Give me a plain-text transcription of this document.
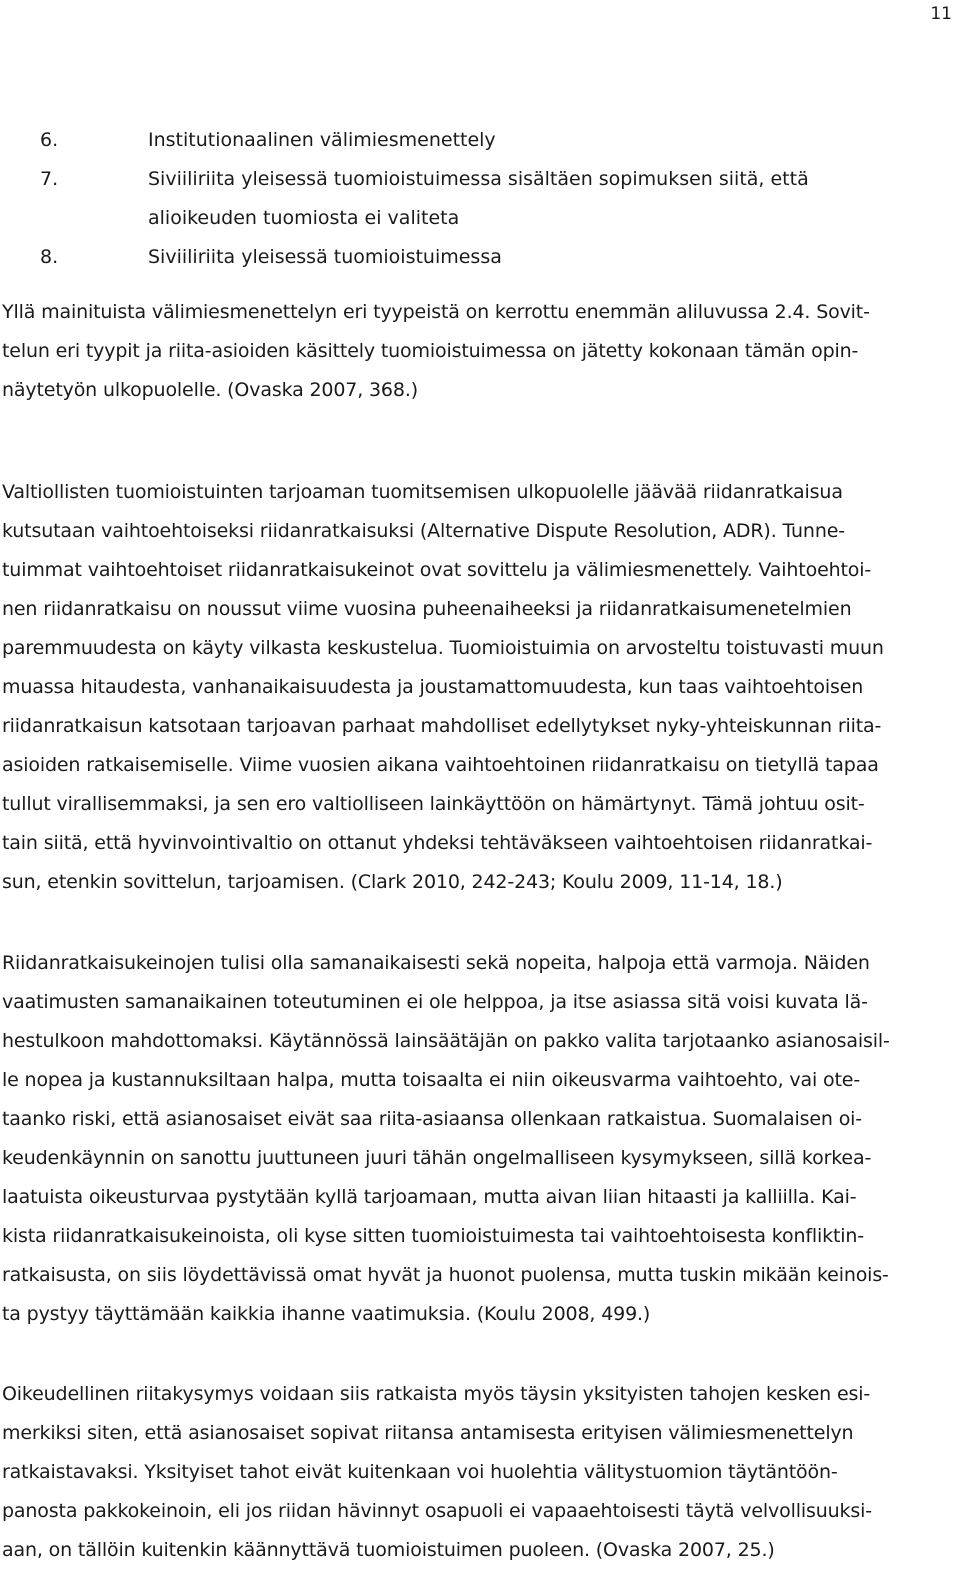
11
6.	Institutionaalinen välimiesmenettely
7.	Siviiliriita yleisessä tuomioistuimessa sisältäen sopimuksen siitä, että
alioikeuden tuomiosta ei valiteta
8.	Siviiliriita yleisessä tuomioistuimessa

Yllä mainituista välimiesmenettelyn eri tyypeistä on kerrottu enemmän aliluvussa 2.4. Sovit-
telun eri tyypit ja riita-asioiden käsittely tuomioistuimessa on jätetty kokonaan tämän opin-
näytetyön ulkopuolelle. (Ovaska 2007, 368.)

Valtiollisten tuomioistuinten tarjoaman tuomitsemisen ulkopuolelle jäävää riidanratkaisua
kutsutaan vaihtoehtoiseksi riidanratkaisuksi (Alternative Dispute Resolution, ADR). Tunne-
tuimmat vaihtoehtoiset riidanratkaisukeinot ovat sovittelu ja välimiesmenettely. Vaihtoehtoi-
nen riidanratkaisu on noussut viime vuosina puheenaiheeksi ja riidanratkaisumenetelmien
paremmuudesta on käyty vilkasta keskustelua. Tuomioistuimia on arvosteltu toistuvasti muun
muassa hitaudesta, vanhanaikaisuudesta ja joustamattomuudesta, kun taas vaihtoehtoisen
riidanratkaisun katsotaan tarjoavan parhaat mahdolliset edellytykset nyky-yhteiskunnan riita-
asioiden ratkaisemiselle. Viime vuosien aikana vaihtoehtoinen riidanratkaisu on tietyllä tapaa
tullut virallisemmaksi, ja sen ero valtiolliseen lainkäyttöön on hämärtynyt. Tämä johtuu osit-
tain siitä, että hyvinvointivaltio on ottanut yhdeksi tehtäväkseen vaihtoehtoisen riidanratkai-
sun, etenkin sovittelun, tarjoamisen. (Clark 2010, 242-243; Koulu 2009, 11-14, 18.)

Riidanratkaisukeinojen tulisi olla samanaikaisesti sekä nopeita, halpoja että varmoja. Näiden
vaatimusten samanaikainen toteutuminen ei ole helppoa, ja itse asiassa sitä voisi kuvata lä-
hestulkoon mahdottomaksi. Käytännössä lainsäätäjän on pakko valita tarjotaanko asianosaisil-
le nopea ja kustannuksiltaan halpa, mutta toisaalta ei niin oikeusvarma vaihtoehto, vai ote-
taanko riski, että asianosaiset eivät saa riita-asiaansa ollenkaan ratkaistua. Suomalaisen oi-
keudenkäynnin on sanottu juuttuneen juuri tähän ongelmalliseen kysymykseen, sillä korkea-
laatuista oikeusturvaa pystytään kyllä tarjoamaan, mutta aivan liian hitaasti ja kalliilla. Kai-
kista riidanratkaisukeinoista, oli kyse sitten tuomioistuimesta tai vaihtoehtoisesta konfliktin-
ratkaisusta, on siis löydettävissä omat hyvät ja huonot puolensa, mutta tuskin mikään keinois-
ta pystyy täyttämään kaikkia ihanne vaatimuksia. (Koulu 2008, 499.)

Oikeudellinen riitakysymys voidaan siis ratkaista myös täysin yksityisten tahojen kesken esi-
merkiksi siten, että asianosaiset sopivat riitansa antamisesta erityisen välimiesmenettelyn
ratkaistavaksi. Yksityiset tahot eivät kuitenkaan voi huolehtia välitystuomion täytäntöön-
panosta pakkokeinoin, eli jos riidan hävinnyt osapuoli ei vapaaehtoisesti täytä velvollisuuksi-
aan, on tällöin kuitenkin käännyttävä tuomioistuimen puoleen. (Ovaska 2007, 25.)
